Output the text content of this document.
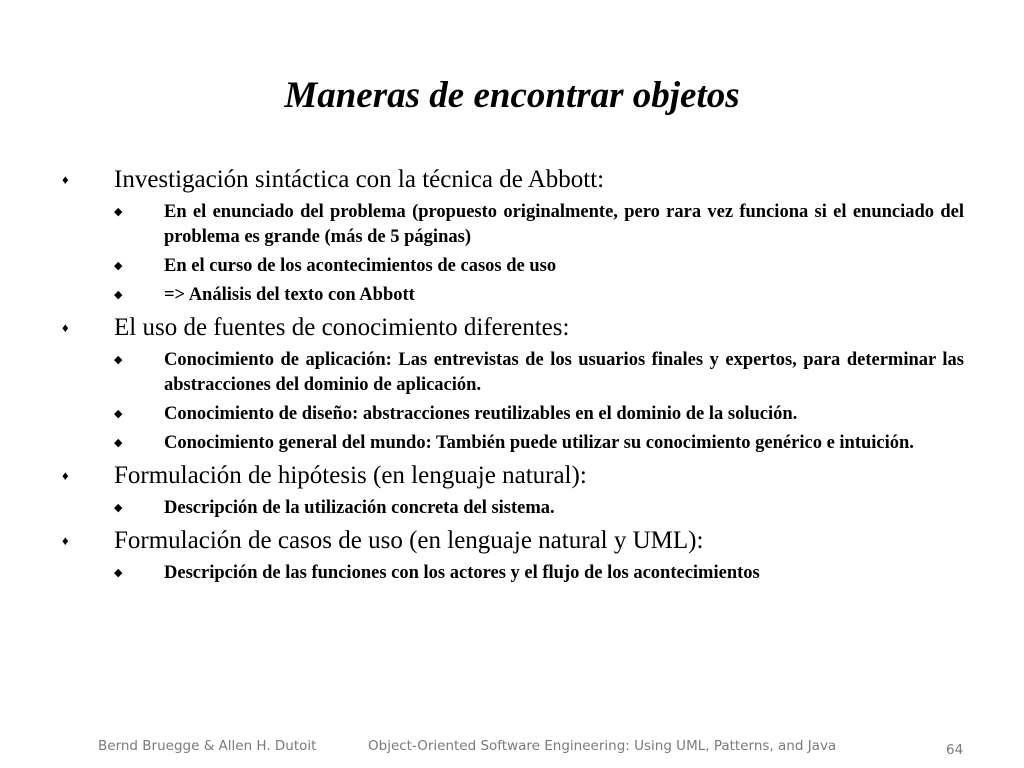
Maneras de encontrar objetos
♦ Investigación sintáctica con la técnica de Abbott:
◆ En el enunciado del problema (propuesto originalmente, pero rara vez funciona si el enunciado del problema es grande (más de 5 páginas)
◆ En el curso de los acontecimientos de casos de uso
◆ => Análisis del texto con Abbott
♦ El uso de fuentes de conocimiento diferentes:
◆ Conocimiento de aplicación: Las entrevistas de los usuarios finales y expertos, para determinar las abstracciones del dominio de aplicación.
◆ Conocimiento de diseño: abstracciones reutilizables en el dominio de la solución.
◆ Conocimiento general del mundo: También puede utilizar su conocimiento genérico e intuición.
♦ Formulación de hipótesis (en lenguaje natural):
◆ Descripción de la utilización concreta del sistema.
♦ Formulación de casos de uso (en lenguaje natural y UML):
◆ Descripción de las funciones con los actores y el flujo de los acontecimientos
Bernd Bruegge & Allen H. Dutoit	Object-Oriented Software Engineering: Using UML, Patterns, and Java	64
